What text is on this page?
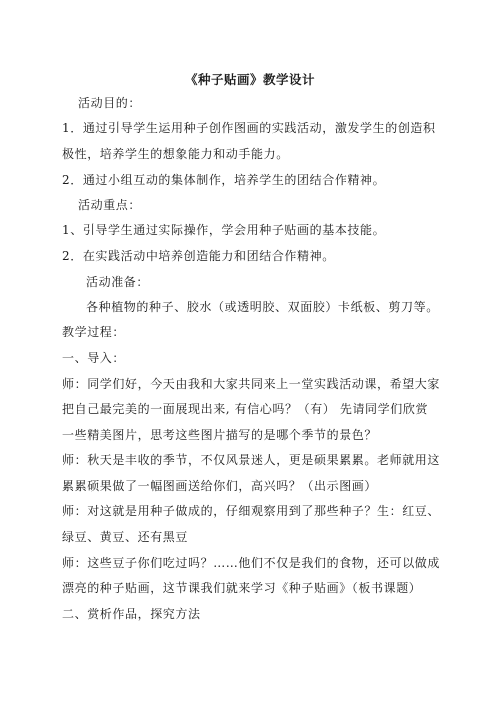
《种子贴画》教学设计
活动目的：
1．通过引导学生运用种子创作图画的实践活动，激发学生的创造积
极性，培养学生的想象能力和动手能力。
2．通过小组互动的集体制作，培养学生的团结合作精神。
活动重点：
1、引导学生通过实际操作，学会用种子贴画的基本技能。
2．在实践活动中培养创造能力和团结合作精神。
活动准备：
各种植物的种子、胶水（或透明胶、双面胶）卡纸板、剪刀等。
教学过程：
一、导入：
师：同学们好，今天由我和大家共同来上一堂实践活动课，希望大家
把自己最完美的一面展现出来, 有信心吗？（有） 先请同学们欣赏
一些精美图片，思考这些图片描写的是哪个季节的景色？
师：秋天是丰收的季节，不仅风景迷人，更是硕果累累。老师就用这
累累硕果做了一幅图画送给你们，高兴吗？（出示图画）
师：对这就是用种子做成的，仔细观察用到了那些种子？生：红豆、
绿豆、黄豆、还有黑豆
师：这些豆子你们吃过吗？……他们不仅是我们的食物，还可以做成
漂亮的种子贴画，这节课我们就来学习《种子贴画》（板书课题）
二、赏析作品，探究方法
